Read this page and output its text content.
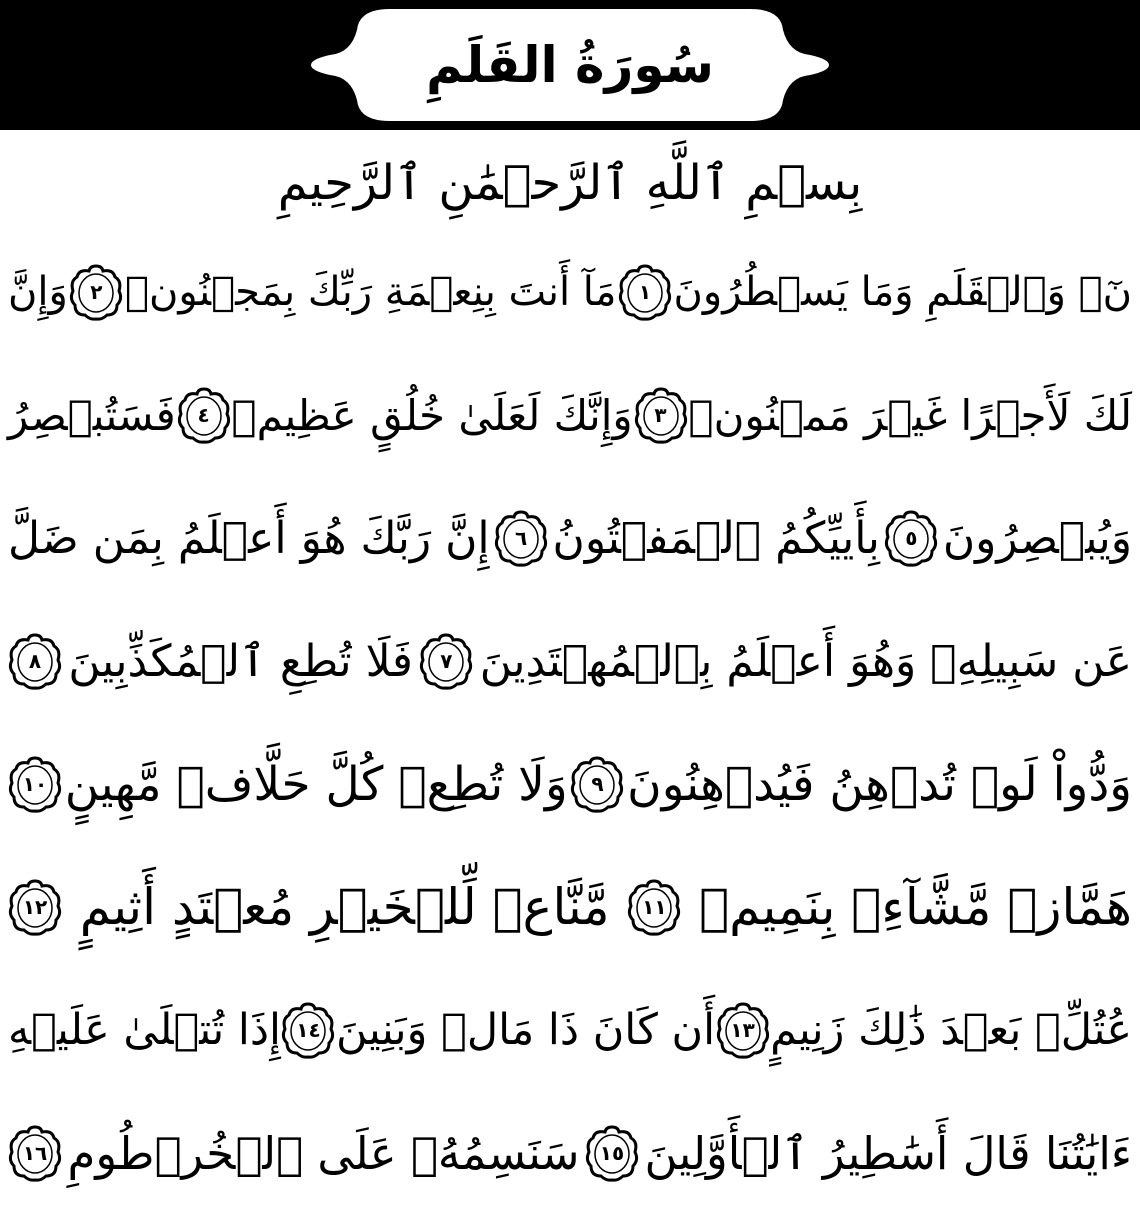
سُورَةُ القَلَمِ
بِسۡمِ ٱللَّهِ ٱلرَّحۡمَٰنِ ٱلرَّحِيمِ
نٓۚ وَٱلۡقَلَمِ وَمَا يَسۡطُرُونَ
١
مَآ أَنتَ بِنِعۡمَةِ رَبِّكَ بِمَجۡنُونٖ
٢
وَإِنَّ
لَكَ لَأَجۡرًا غَيۡرَ مَمۡنُونٖ
٣
وَإِنَّكَ لَعَلَىٰ خُلُقٍ عَظِيمٖ
٤
فَسَتُبۡصِرُ
وَيُبۡصِرُونَ
٥
بِأَييِّكُمُ ٱلۡمَفۡتُونُ
٦
إِنَّ رَبَّكَ هُوَ أَعۡلَمُ بِمَن ضَلَّ
عَن سَبِيلِهِۦ وَهُوَ أَعۡلَمُ بِٱلۡمُهۡتَدِينَ
٧
فَلَا تُطِعِ ٱلۡمُكَذِّبِينَ
٨
وَدُّواْ لَوۡ تُدۡهِنُ فَيُدۡهِنُونَ
٩
وَلَا تُطِعۡ كُلَّ حَلَّافٖ مَّهِينٍ
١٠
هَمَّازٖ مَّشَّآءِۭ بِنَمِيمٖ
١١
مَّنَّاعٖ لِّلۡخَيۡرِ مُعۡتَدٍ أَثِيمٍ
١٢
عُتُلِّۭ بَعۡدَ ذَٰلِكَ زَنِيمٍ
١٣
أَن كَانَ ذَا مَالٖ وَبَنِينَ
١٤
إِذَا تُتۡلَىٰ عَلَيۡهِ
ءَايَٰتُنَا قَالَ أَسَٰطِيرُ ٱلۡأَوَّلِينَ
١٥
سَنَسِمُهُۥ عَلَى ٱلۡخُرۡطُومِ
١٦
